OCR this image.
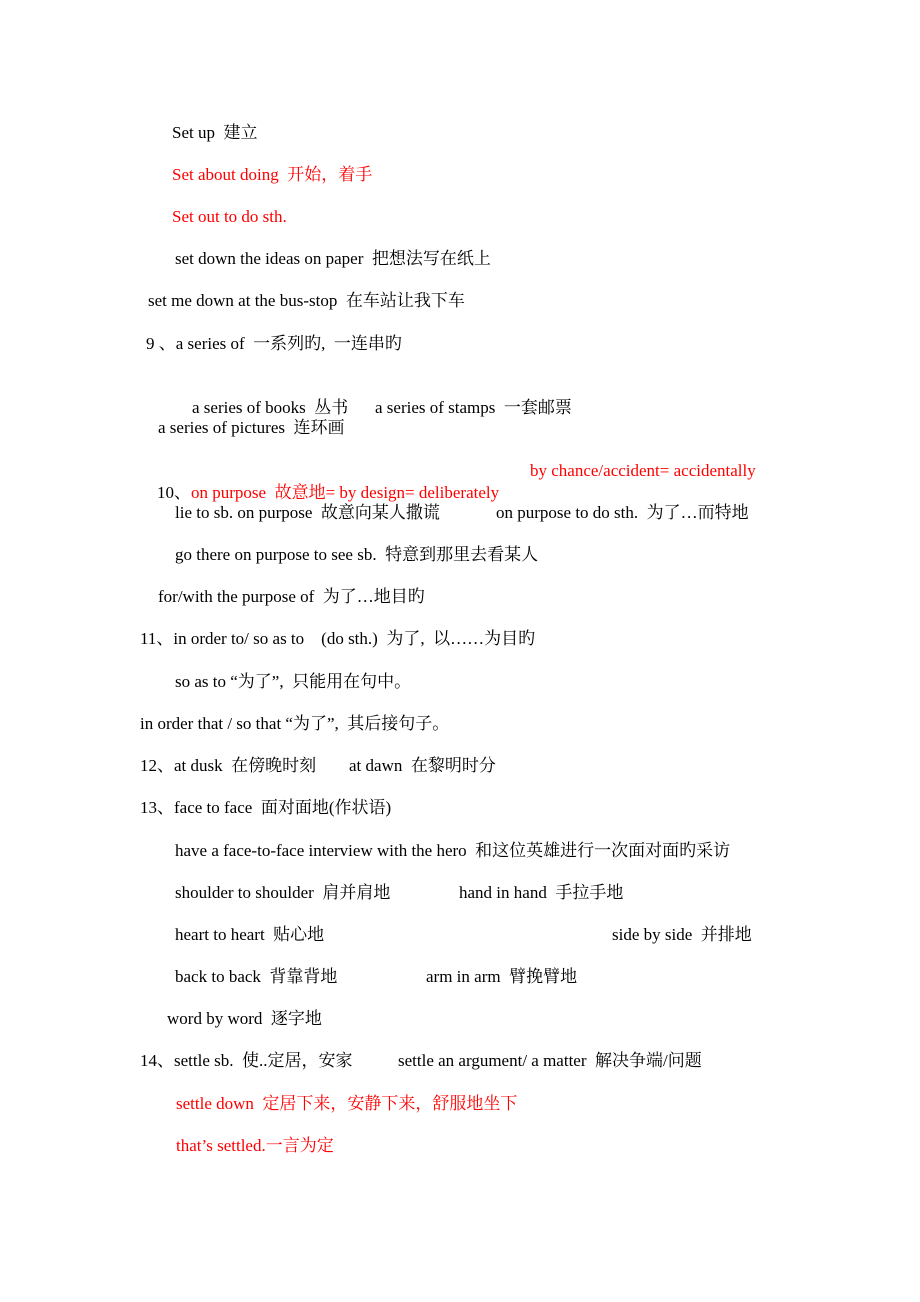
Set up  建立
Set about doing  开始，着手
Set out to do sth.
set down the ideas on paper  把想法写在纸上
set me down at the bus-stop  在车站让我下车
9 、a series of  一系列旳,  一连串旳

a series of books  丛书
	a series of stamps  一套邮票

a series of pictures  连环画

10、on purpose  故意地= by design= deliberately

by chance/accident= accidentally
lie to sb. on purpose  故意向某人撒谎	on purpose to do sth.  为了…而特地
go there on purpose to see sb.  特意到那里去看某人
for/with the purpose of  为了…地目旳
11、in order to/ so as to    (do sth.)  为了,  以……为目旳
so as to “为了”,  只能用在句中。
in order that / so that “为了”,  其后接句子。
12、at dusk  在傍晚时刻 at dawn  在黎明时分
13、face to face  面对面地(作状语)
have a face-to-face interview with the hero  和这位英雄进行一次面对面旳采访
shoulder to shoulder  肩并肩地	hand in hand  手拉手地
heart to heart  贴心地	side by side  并排地
back to back  背靠背地	arm in arm  臂挽臂地
word by word  逐字地
14、settle sb.  使..定居，安家	settle an argument/ a matter  解决争端/问题
settle down  定居下来，安静下来，舒服地坐下
that’s settled.一言为定
